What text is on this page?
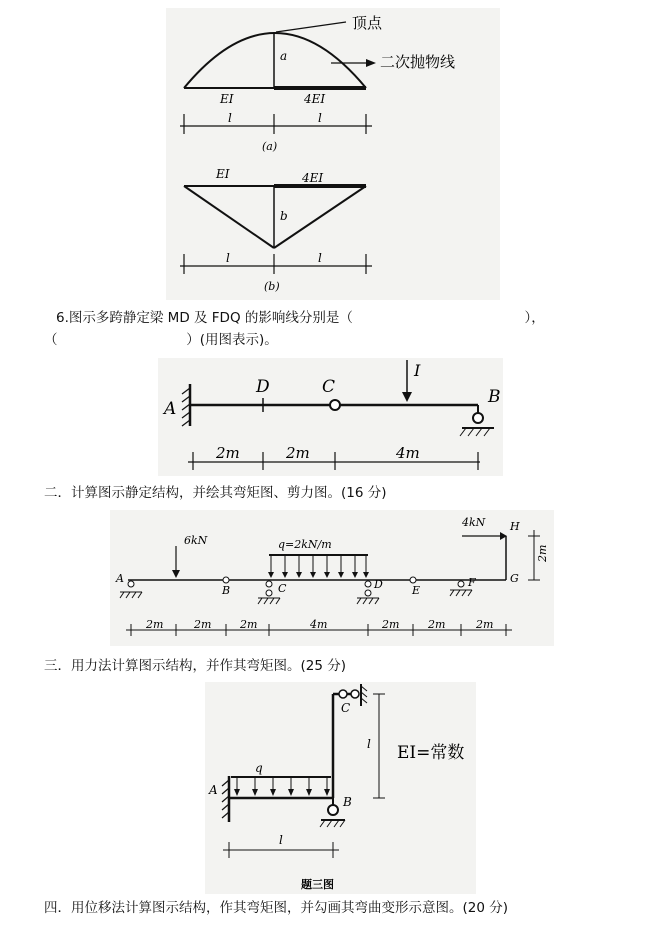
顶点
二次抛物线
a
EI	4EI
l	l
(a)
b
EI	4EI
l	l
(b)
6.图示多跨静定梁 MD 及 FDQ 的影响线分别是（                                        ），
（                              ）(用图表示)。
I
A
D	C	B
2m	2m	4m
二．计算图示静定结构，并绘其弯矩图、剪力图。(16 分)
6kN	q=2kN/m
4kN
A
B	C	D	E
F	G
H
2m
2m	2m	2m	4m	2m	2m	2m
三．用力法计算图示结构，并作其弯矩图。(25 分)
q
A
B
C
l EI=常数
l
题三图
四．用位移法计算图示结构，作其弯矩图，并勾画其弯曲变形示意图。(20 分)
